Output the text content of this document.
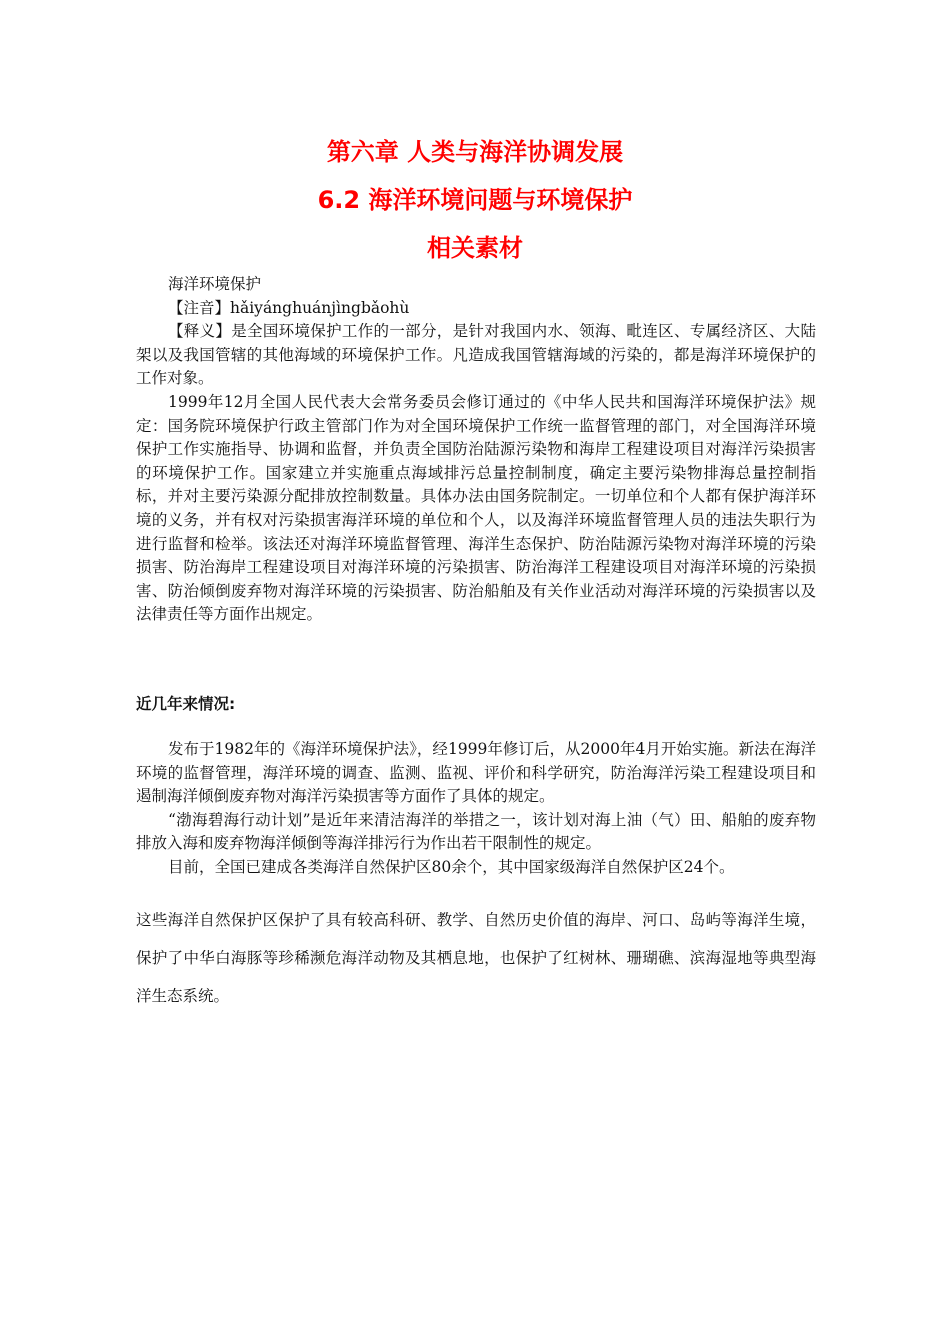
第六章 人类与海洋协调发展
6.2 海洋环境问题与环境保护
相关素材

海洋环境保护

【注音】hǎiyánghuánjìngbǎohù

【释义】是全国环境保护工作的一部分，是针对我国内水、领海、毗连区、专属经济区、大陆架以及我国管辖的其他海域的环境保护工作。凡造成我国管辖海域的污染的，都是海洋环境保护的工作对象。

1999年12月全国人民代表大会常务委员会修订通过的《中华人民共和国海洋环境保护法》规定：国务院环境保护行政主管部门作为对全国环境保护工作统一监督管理的部门，对全国海洋环境保护工作实施指导、协调和监督，并负责全国防治陆源污染物和海岸工程建设项目对海洋污染损害的环境保护工作。国家建立并实施重点海域排污总量控制制度，确定主要污染物排海总量控制指标，并对主要污染源分配排放控制数量。具体办法由国务院制定。一切单位和个人都有保护海洋环境的义务，并有权对污染损害海洋环境的单位和个人，以及海洋环境监督管理人员的违法失职行为进行监督和检举。该法还对海洋环境监督管理、海洋生态保护、防治陆源污染物对海洋环境的污染损害、防治海岸工程建设项目对海洋环境的污染损害、防治海洋工程建设项目对海洋环境的污染损害、防治倾倒废弃物对海洋环境的污染损害、防治船舶及有关作业活动对海洋环境的污染损害以及法律责任等方面作出规定。

近几年来情况:

发布于1982年的《海洋环境保护法》，经1999年修订后，从2000年4月开始实施。新法在海洋环境的监督管理，海洋环境的调查、监测、监视、评价和科学研究，防治海洋污染工程建设项目和遏制海洋倾倒废弃物对海洋污染损害等方面作了具体的规定。

“渤海碧海行动计划”是近年来清洁海洋的举措之一，该计划对海上油（气）田、船舶的废弃物排放入海和废弃物海洋倾倒等海洋排污行为作出若干限制性的规定。

目前，全国已建成各类海洋自然保护区80余个，其中国家级海洋自然保护区24个。

这些海洋自然保护区保护了具有较高科研、教学、自然历史价值的海岸、河口、岛屿等海洋生境，保护了中华白海豚等珍稀濒危海洋动物及其栖息地，也保护了红树林、珊瑚礁、滨海湿地等典型海洋生态系统。
